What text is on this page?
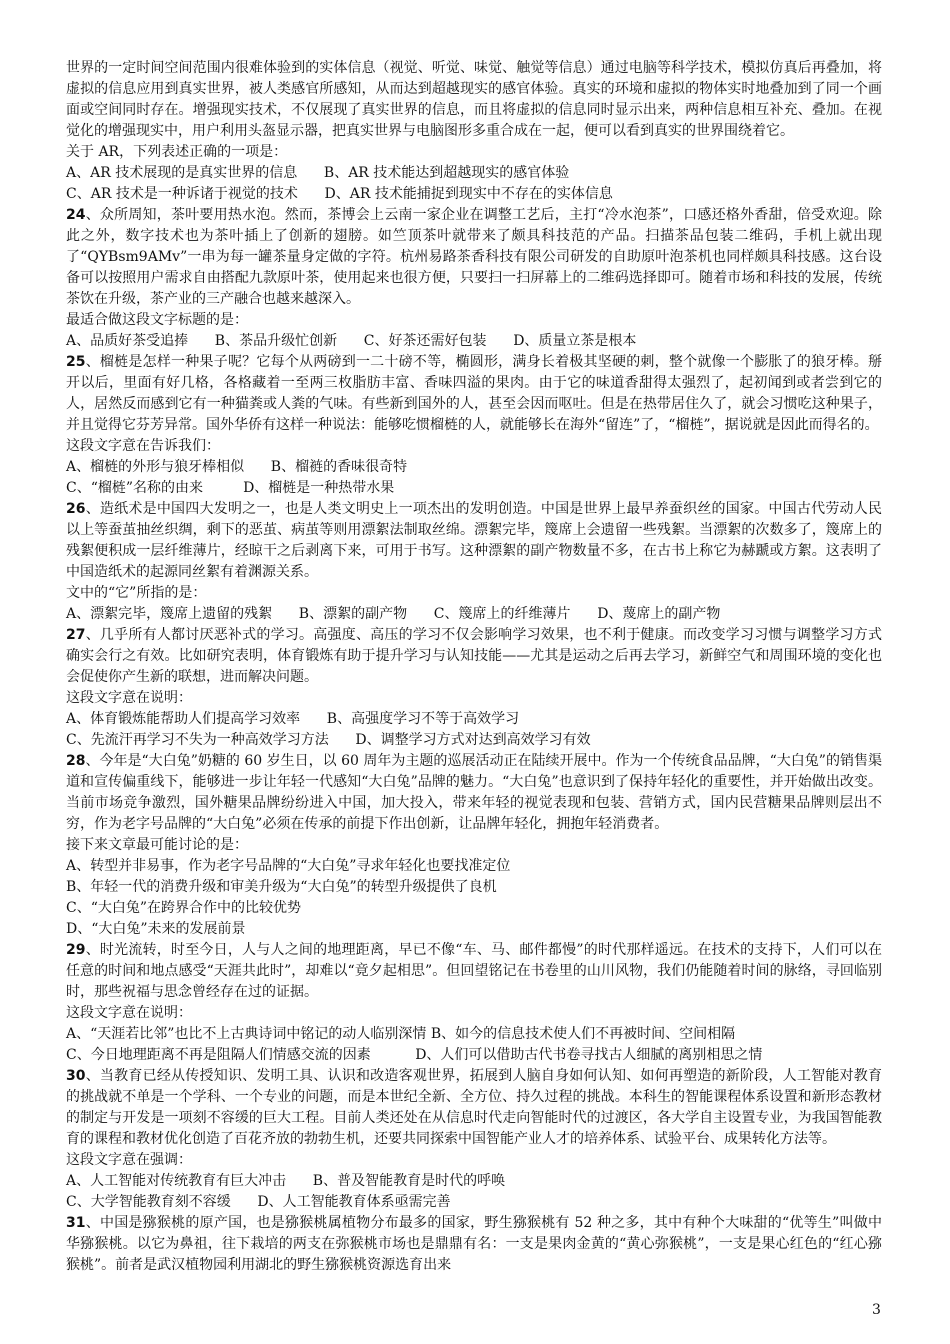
世界的一定时间空间范围内很难体验到的实体信息（视觉、听觉、味觉、触觉等信息）通过电脑等科学技术，模拟仿真后再叠加，将虚拟的信息应用到真实世界，被人类感官所感知，从而达到超越现实的感官体验。真实的环境和虚拟的物体实时地叠加到了同一个画面或空间同时存在。增强现实技术，不仅展现了真实世界的信息，而且将虚拟的信息同时显示出来，两种信息相互补充、叠加。在视觉化的增强现实中，用户利用头盔显示器，把真实世界与电脑图形多重合成在一起，便可以看到真实的世界围绕着它。

关于 AR，下列表述正确的一项是：

A、AR 技术展现的是真实世界的信息      B、AR 技术能达到超越现实的感官体验

C、AR 技术是一种诉诸于视觉的技术      D、AR 技术能捕捉到现实中不存在的实体信息

24、众所周知，茶叶要用热水泡。然而，茶博会上云南一家企业在调整工艺后，主打“冷水泡茶”，口感还格外香甜，倍受欢迎。除此之外，数字技术也为茶叶插上了创新的翅膀。如竺顶茶叶就带来了颇具科技范的产品。扫描茶品包装二维码，手机上就出现了“QYBsm9AMv”一串为每一罐茶量身定做的字符。杭州易路茶香科技有限公司研发的自助原叶泡茶机也同样颇具科技感。这台设备可以按照用户需求自由搭配九款原叶茶，使用起来也很方便，只要扫一扫屏幕上的二维码选择即可。随着市场和科技的发展，传统茶饮在升级，茶产业的三产融合也越来越深入。

最适合做这段文字标题的是：

A、品质好茶受追捧      B、茶品升级忙创新      C、好茶还需好包装      D、质量立茶是根本

25、榴梿是怎样一种果子呢？它每个从两磅到一二十磅不等，椭圆形，满身长着极其坚硬的刺，整个就像一个膨胀了的狼牙棒。掰开以后，里面有好几格，各格藏着一至两三枚脂肪丰富、香味四溢的果肉。由于它的味道香甜得太强烈了，起初闻到或者尝到它的人，居然反而感到它有一种猫粪或人粪的气味。有些新到国外的人，甚至会因而呕吐。但是在热带居住久了，就会习惯吃这种果子，并且觉得它芬芳异常。国外华侨有这样一种说法：能够吃惯榴梿的人，就能够长在海外“留连”了，“榴梿”，据说就是因此而得名的。

这段文字意在告诉我们：

A、榴梿的外形与狼牙棒相似      B、榴裢的香味很奇特

C、“榴梿”名称的由来         D、榴梿是一种热带水果

26、造纸术是中国四大发明之一，也是人类文明史上一项杰出的发明创造。中国是世界上最早养蚕织丝的国家。中国古代劳动人民以上等蚕茧抽丝织绸，剩下的恶茧、病茧等则用漂絮法制取丝绵。漂絮完毕，篾席上会遗留一些残絮。当漂絮的次数多了，篾席上的残絮便积成一层纤维薄片，经晾干之后剥离下来，可用于书写。这种漂絮的副产物数量不多，在古书上称它为赫蹏或方絮。这表明了中国造纸术的起源同丝絮有着渊源关系。

文中的“它”所指的是：

A、漂絮完毕，篾席上遗留的残絮      B、漂絮的副产物      C、篾席上的纤维薄片      D、蔑席上的副产物

27、几乎所有人都讨厌恶补式的学习。高强度、高压的学习不仅会影响学习效果，也不利于健康。而改变学习习惯与调整学习方式确实会行之有效。比如研究表明，体育锻炼有助于提升学习与认知技能——尤其是运动之后再去学习，新鲜空气和周围环境的变化也会促使你产生新的联想，进而解决问题。

这段文字意在说明：

A、体育锻炼能帮助人们提高学习效率      B、高强度学习不等于高效学习

C、先流汗再学习不失为一种高效学习方法      D、调整学习方式对达到高效学习有效

28、今年是“大白兔”奶糖的 60 岁生日，以 60 周年为主题的巡展活动正在陆续开展中。作为一个传统食品品牌，“大白兔”的销售渠道和宣传偏重线下，能够进一步让年轻一代感知“大白兔”品牌的魅力。“大白兔”也意识到了保持年轻化的重要性，并开始做出改变。当前市场竞争激烈，国外糖果品牌纷纷进入中国，加大投入，带来年轻的视觉表现和包装、营销方式，国内民营糖果品牌则层出不穷，作为老字号品牌的“大白兔”必须在传承的前提下作出创新，让品牌年轻化，拥抱年轻消费者。

接下来文章最可能讨论的是：

A、转型并非易事，作为老字号品牌的“大白兔”寻求年轻化也要找准定位

B、年轻一代的消费升级和审美升级为“大白兔”的转型升级提供了良机

C、“大白兔”在跨界合作中的比较优势

D、“大白兔”未来的发展前景

29、时光流转，时至今日，人与人之间的地理距离，早已不像“车、马、邮件都慢”的时代那样遥远。在技术的支持下，人们可以在任意的时间和地点感受“天涯共此时”，却难以“竟夕起相思”。但回望铭记在书卷里的山川风物，我们仍能随着时间的脉络，寻回临别时，那些祝福与思念曾经存在过的证据。

这段文字意在说明：

A、“天涯若比邻”也比不上古典诗词中铭记的动人临别深情 B、如今的信息技术使人们不再被时间、空间相隔

C、今日地理距离不再是阻隔人们情感交流的因素          D、人们可以借助古代书卷寻找古人细腻的离别相思之情

30、当教育已经从传授知识、发明工具、认识和改造客观世界，拓展到人脑自身如何认知、如何再塑造的新阶段，人工智能对教育的挑战就不单是一个学科、一个专业的问题，而是本世纪全新、全方位、持久过程的挑战。本科生的智能课程体系设置和新形态教材的制定与开发是一项刻不容缓的巨大工程。目前人类还处在从信息时代走向智能时代的过渡区，各大学自主设置专业，为我国智能教育的课程和教材优化创造了百花齐放的勃勃生机，还要共同探索中国智能产业人才的培养体系、试验平台、成果转化方法等。

这段文字意在强调：

A、人工智能对传统教育有巨大冲击      B、普及智能教育是时代的呼唤

C、大学智能教育刻不容缓      D、人工智能教育体系亟需完善

31、中国是猕猴桃的原产国，也是猕猴桃属植物分布最多的国家，野生猕猴桃有 52 种之多，其中有种个大味甜的“优等生”叫做中华猕猴桃。以它为鼻祖，往下栽培的两支在弥猴桃市场也是鼎鼎有名：一支是果肉金黄的“黄心弥猴桃”，一支是果心红色的“红心猕猴桃”。前者是武汉植物园利用湖北的野生猕猴桃资源选育出来

3
